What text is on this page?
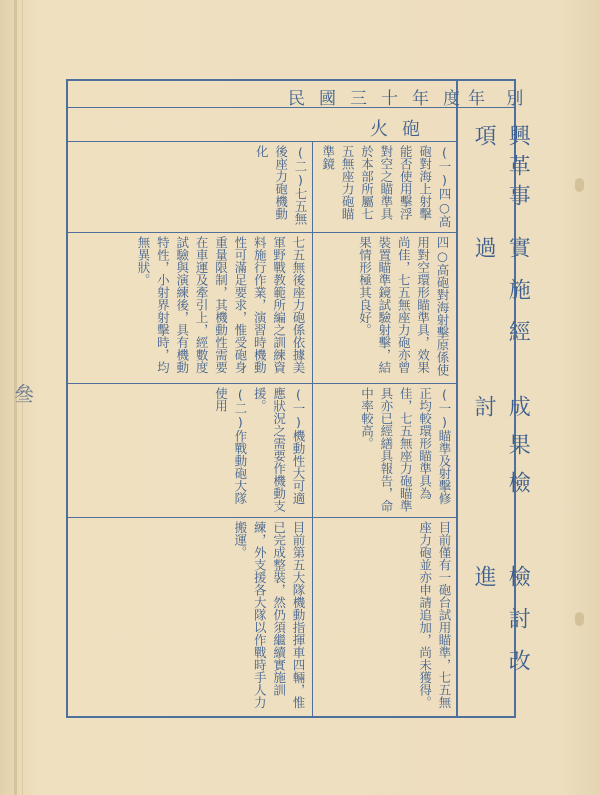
叄
年 別
民國三十年度
火砲	興革事項
實施經過
成果檢討
檢討改進
(一)四○高砲對海上射擊能否使用擊浮對空之瞄準具於本部所屬七五無座力砲瞄準鏡
(二)七五無後座力砲機動化
四○高砲對海射擊原係使用對空環形瞄準具，效果尚佳，七五無座力砲亦曾裝置瞄準鏡試驗射擊，結果情形極其良好。
七五無後座力砲係依據美軍野戰教範所編之訓練資料施行作業，演習時機動性可滿足要求，惟受砲身重量限制，其機動性需要在車運及牽引上，經數度試驗與演練後，具有機動特性，小射界射擊時，均無異狀。
(一)瞄準及射擊修正均較環形瞄準具為佳，七五無座力砲瞄準具亦已經繕具報告，命中率較高。
(一)機動性大可適應狀況之需要作機動支援。
(二)作戰動砲大隊使用
目前僅有一砲台試用瞄準，七五無座力砲並亦申請追加，尚未獲得。
目前第五大隊機動指揮車四輛，惟已完成整裝，然仍須繼續實施訓練，外支援各大隊以作戰時手人力搬運。
